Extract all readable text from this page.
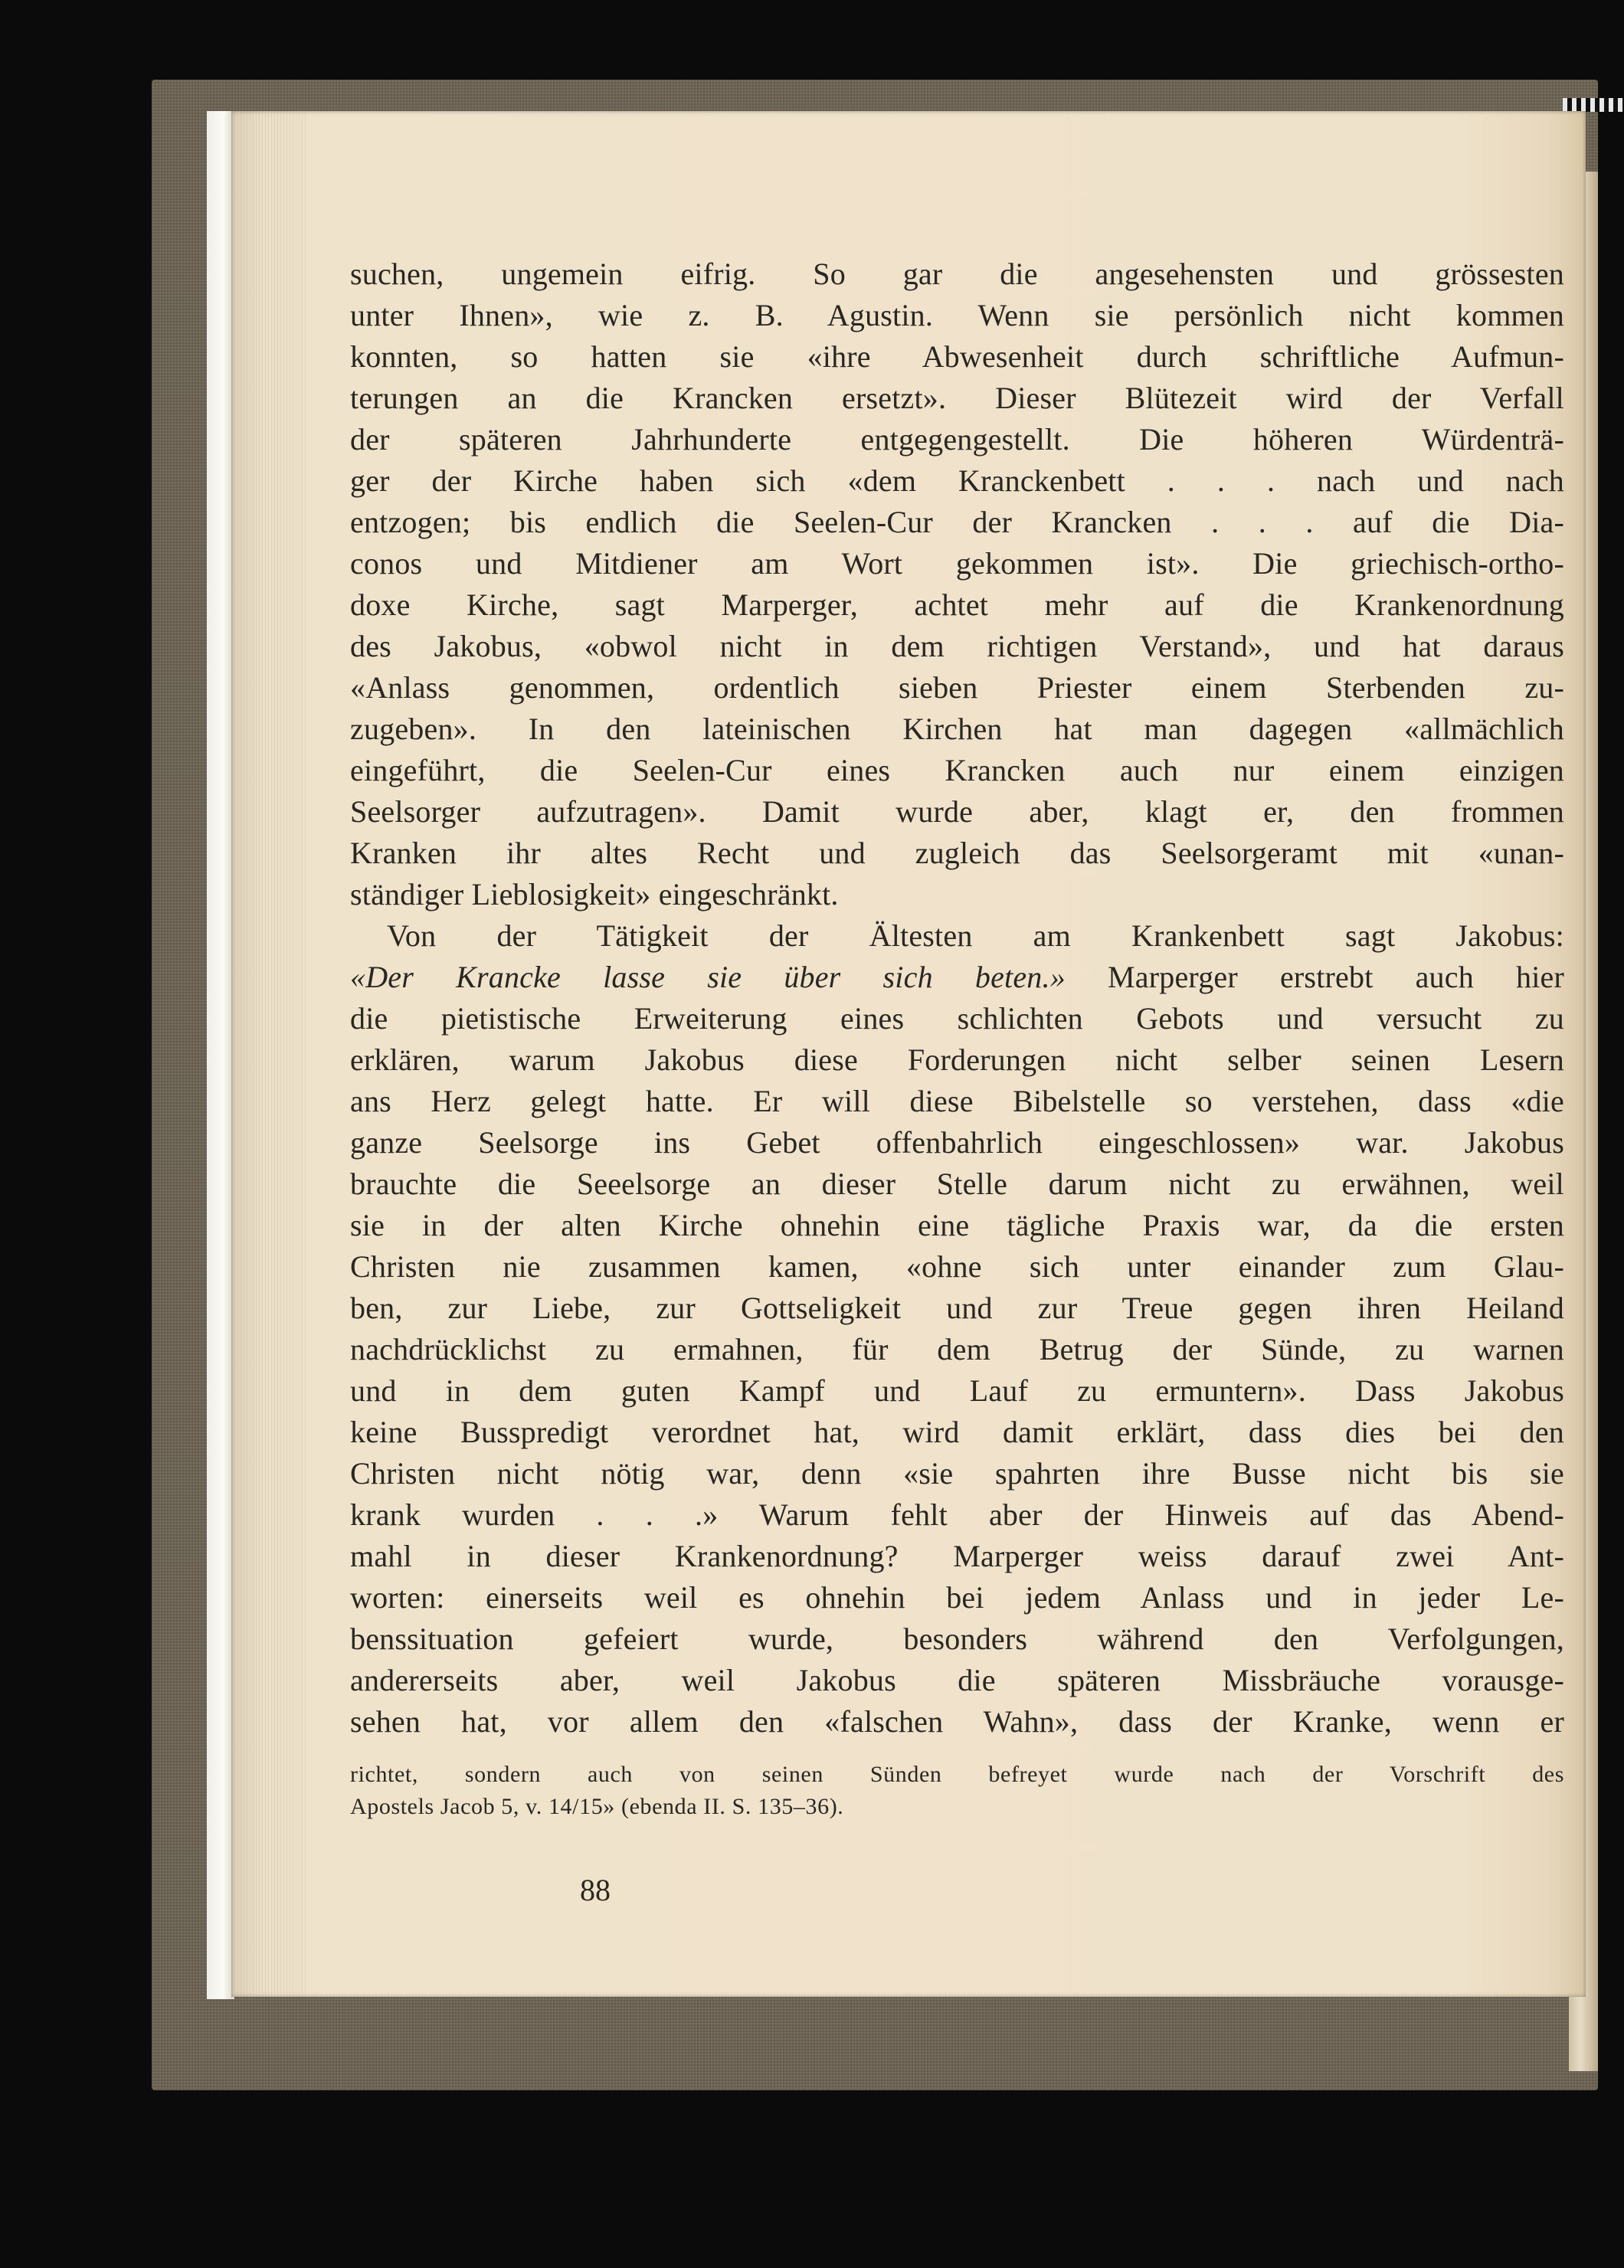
suchen, ungemein eifrig. So gar die angesehensten und grössesten
unter Ihnen», wie z. B. Agustin. Wenn sie persönlich nicht kommen
konnten, so hatten sie «ihre Abwesenheit durch schriftliche Aufmun-
terungen an die Krancken ersetzt». Dieser Blütezeit wird der Verfall
der späteren Jahrhunderte entgegengestellt. Die höheren Würdenträ-
ger der Kirche haben sich «dem Kranckenbett . . . nach und nach
entzogen; bis endlich die Seelen-Cur der Krancken . . . auf die Dia-
conos und Mitdiener am Wort gekommen ist». Die griechisch-ortho-
doxe Kirche, sagt Marperger, achtet mehr auf die Krankenordnung
des Jakobus, «obwol nicht in dem richtigen Verstand», und hat daraus
«Anlass genommen, ordentlich sieben Priester einem Sterbenden zu-
zugeben». In den lateinischen Kirchen hat man dagegen «allmächlich
eingeführt, die Seelen-Cur eines Krancken auch nur einem einzigen
Seelsorger aufzutragen». Damit wurde aber, klagt er, den frommen
Kranken ihr altes Recht und zugleich das Seelsorgeramt mit «unan-
ständiger Lieblosigkeit» eingeschränkt.
Von der Tätigkeit der Ältesten am Krankenbett sagt Jakobus:
«Der Krancke lasse sie über sich beten.» Marperger erstrebt auch hier
die pietistische Erweiterung eines schlichten Gebots und versucht zu
erklären, warum Jakobus diese Forderungen nicht selber seinen Lesern
ans Herz gelegt hatte. Er will diese Bibelstelle so verstehen, dass «die
ganze Seelsorge ins Gebet offenbahrlich eingeschlossen» war. Jakobus
brauchte die Seeelsorge an dieser Stelle darum nicht zu erwähnen, weil
sie in der alten Kirche ohnehin eine tägliche Praxis war, da die ersten
Christen nie zusammen kamen, «ohne sich unter einander zum Glau-
ben, zur Liebe, zur Gottseligkeit und zur Treue gegen ihren Heiland
nachdrücklichst zu ermahnen, für dem Betrug der Sünde, zu warnen
und in dem guten Kampf und Lauf zu ermuntern». Dass Jakobus
keine Busspredigt verordnet hat, wird damit erklärt, dass dies bei den
Christen nicht nötig war, denn «sie spahrten ihre Busse nicht bis sie
krank wurden . . .» Warum fehlt aber der Hinweis auf das Abend-
mahl in dieser Krankenordnung? Marperger weiss darauf zwei Ant-
worten: einerseits weil es ohnehin bei jedem Anlass und in jeder Le-
benssituation gefeiert wurde, besonders während den Verfolgungen,
andererseits aber, weil Jakobus die späteren Missbräuche vorausge-
sehen hat, vor allem den «falschen Wahn», dass der Kranke, wenn er
richtet, sondern auch von seinen Sünden befreyet wurde nach der Vorschrift des
Apostels Jacob 5, v. 14/15» (ebenda II. S. 135–36).
88
